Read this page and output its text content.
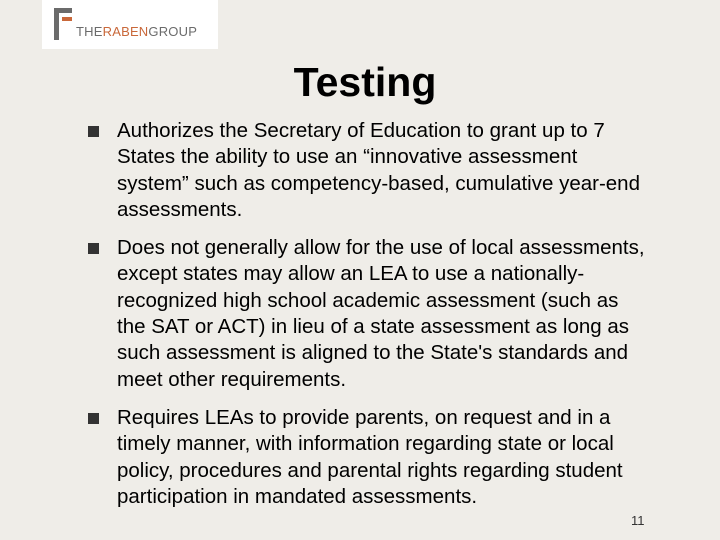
THERABENGROUP
Testing
Authorizes the Secretary of Education to grant up to 7 States the ability to use an “innovative assessment system” such as competency-based, cumulative year-end assessments.
Does not generally allow for the use of local assessments, except states may allow an LEA to use a nationally-recognized high school academic assessment (such as the SAT or ACT) in lieu of a state assessment as long as such assessment is aligned to the State's standards and meet other requirements.
Requires LEAs to provide parents, on request and in a timely manner, with information regarding state or local policy, procedures and parental rights regarding student participation in mandated assessments.
11
